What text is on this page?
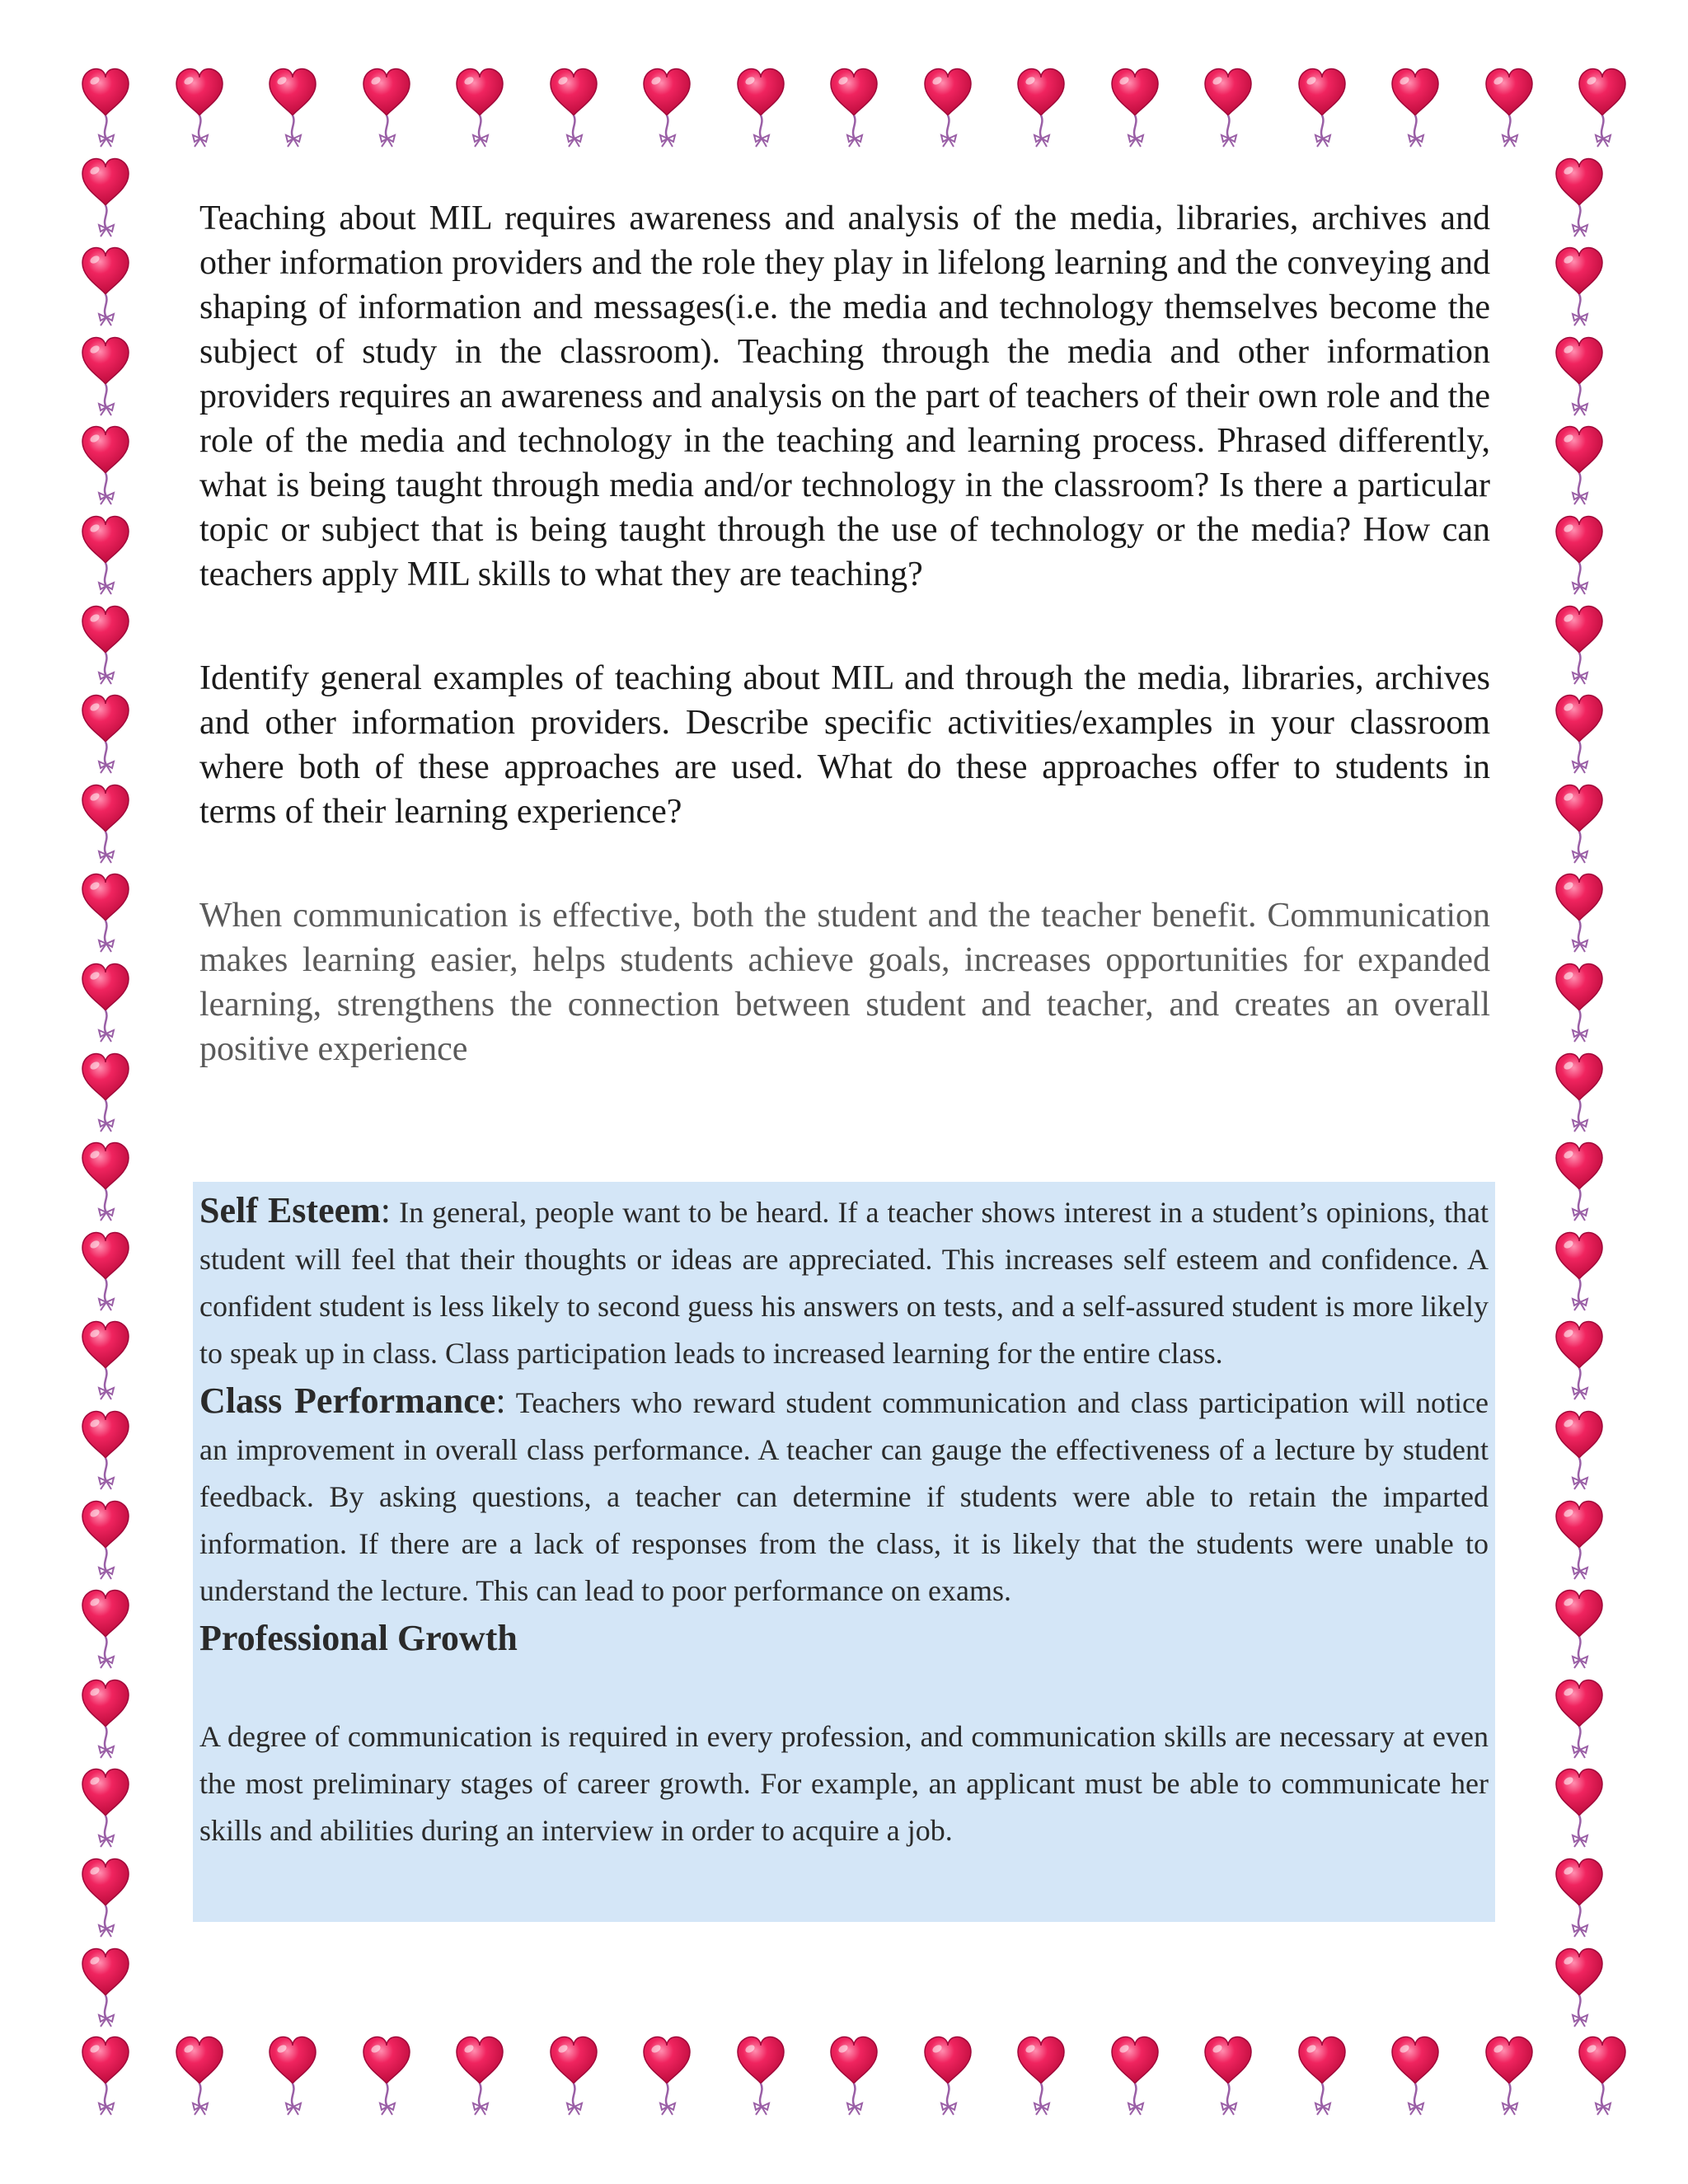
Teaching about MIL requires awareness and analysis of the media, libraries, archives and other information providers and the role they play in lifelong learning and the conveying and shaping of information and messages(i.e. the media and technology themselves become the subject of study in the classroom). Teaching through the media and other information providers requires an awareness and analysis on the part of teachers of their own role and the role of the media and technology in the teaching and learning process. Phrased differently, what is being taught through media and/or technology in the classroom? Is there a particular topic or subject that is being taught through the use of technology or the media? How can teachers apply MIL skills to what they are teaching?

Identify general examples of teaching about MIL and through the media, libraries, archives and other information providers. Describe specific activities/examples in your classroom where both of these approaches are used. What do these approaches offer to students in terms of their learning experience?

When communication is effective, both the student and the teacher benefit. Communication makes learning easier, helps students achieve goals, increases opportunities for expanded learning, strengthens the connection between student and teacher, and creates an overall positive experience

Self Esteem: In general, people want to be heard. If a teacher shows interest in a student’s opinions, that student will feel that their thoughts or ideas are appreciated. This increases self esteem and confidence. A confident student is less likely to second guess his answers on tests, and a self-assured student is more likely to speak up in class. Class participation leads to increased learning for the entire class.

Class Performance: Teachers who reward student communication and class participation will notice an improvement in overall class performance. A teacher can gauge the effectiveness of a lecture by student feedback. By asking questions, a teacher can determine if students were able to retain the imparted information. If there are a lack of responses from the class, it is likely that the students were unable to understand the lecture. This can lead to poor performance on exams.

Professional Growth

A degree of communication is required in every profession, and communication skills are necessary at even the most preliminary stages of career growth. For example, an applicant must be able to communicate her skills and abilities during an interview in order to acquire a job.
